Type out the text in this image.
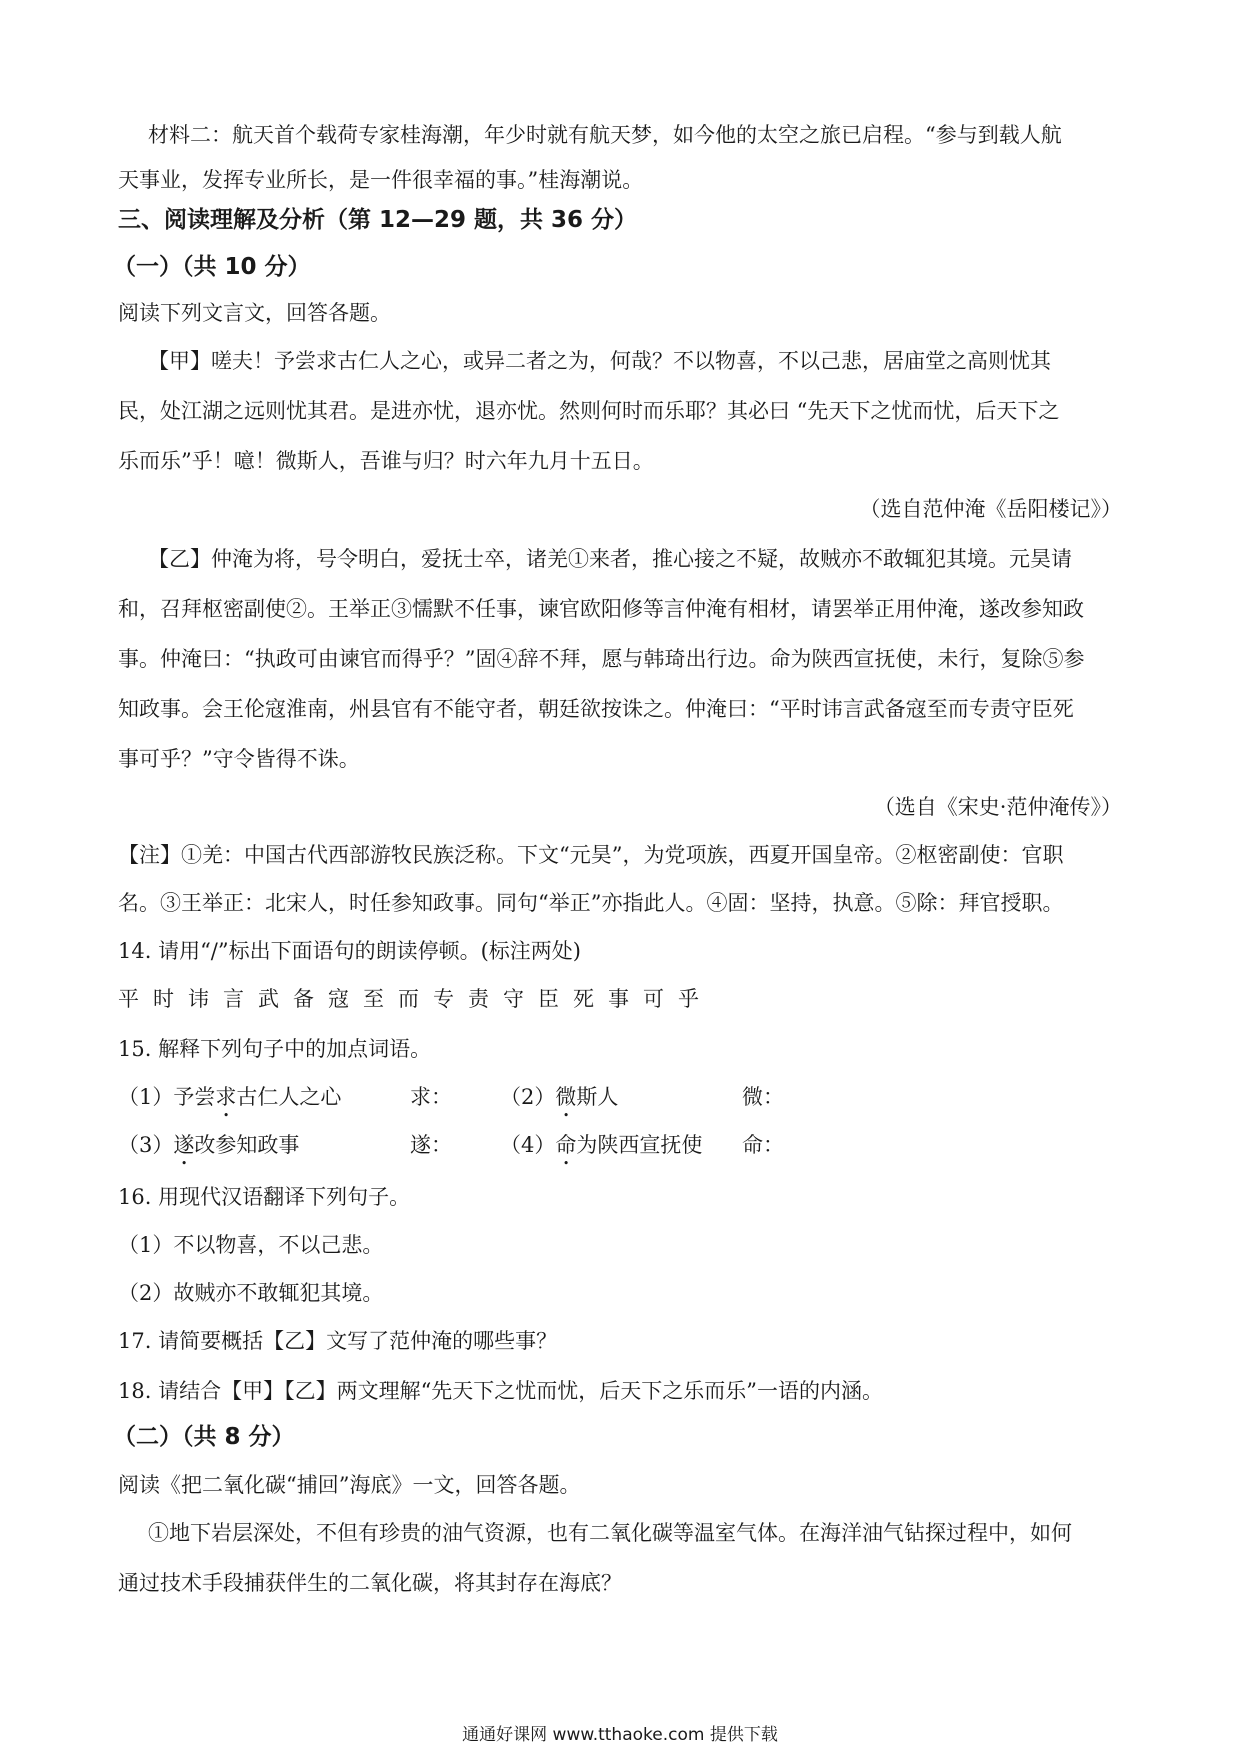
材料二：航天首个载荷专家桂海潮，年少时就有航天梦，如今他的太空之旅已启程。“参与到载人航
天事业，发挥专业所长，是一件很幸福的事。”桂海潮说。
三、阅读理解及分析（第 12—29 题，共 36 分）
（一）（共 10 分）
阅读下列文言文，回答各题。
【甲】嗟夫！予尝求古仁人之心，或异二者之为，何哉？不以物喜，不以己悲，居庙堂之高则忧其
民，处江湖之远则忧其君。是进亦忧，退亦忧。然则何时而乐耶？其必曰 “先天下之忧而忧，后天下之
乐而乐”乎！噫！微斯人，吾谁与归？时六年九月十五日。
（选自范仲淹《岳阳楼记》）
【乙】仲淹为将，号令明白，爱抚士卒，诸羌①来者，推心接之不疑，故贼亦不敢辄犯其境。元昊请
和，召拜枢密副使②。王举正③懦默不任事，谏官欧阳修等言仲淹有相材，请罢举正用仲淹，遂改参知政
事。仲淹曰：“执政可由谏官而得乎？”固④辞不拜，愿与韩琦出行边。命为陕西宣抚使，未行，复除⑤参
知政事。会王伦寇淮南，州县官有不能守者，朝廷欲按诛之。仲淹曰：“平时讳言武备寇至而专责守臣死
事可乎？”守令皆得不诛。
（选自《宋史·范仲淹传》）
【注】①羌：中国古代西部游牧民族泛称。下文“元昊”，为党项族，西夏开国皇帝。②枢密副使：官职
名。③王举正：北宋人，时任参知政事。同句“举正”亦指此人。④固：坚持，执意。⑤除：拜官授职。
14. 请用“/”标出下面语句的朗读停顿。(标注两处)
平时讳言武备寇至而专责守臣死事可乎
15. 解释下列句子中的加点词语。
（1）予尝求古仁人之心	求： （2）微斯人	微：
（3）遂改参知政事	遂： （4）命为陕西宣抚使 命：
16. 用现代汉语翻译下列句子。
（1）不以物喜，不以己悲。
（2）故贼亦不敢辄犯其境。
17. 请简要概括【乙】文写了范仲淹的哪些事？
18. 请结合【甲】【乙】两文理解“先天下之忧而忧，后天下之乐而乐”一语的内涵。
（二）（共 8 分）
阅读《把二氧化碳“捕回”海底》一文，回答各题。
①地下岩层深处，不但有珍贵的油气资源，也有二氧化碳等温室气体。在海洋油气钻探过程中，如何
通过技术手段捕获伴生的二氧化碳，将其封存在海底？
通通好课网 www.tthaoke.com 提供下载
